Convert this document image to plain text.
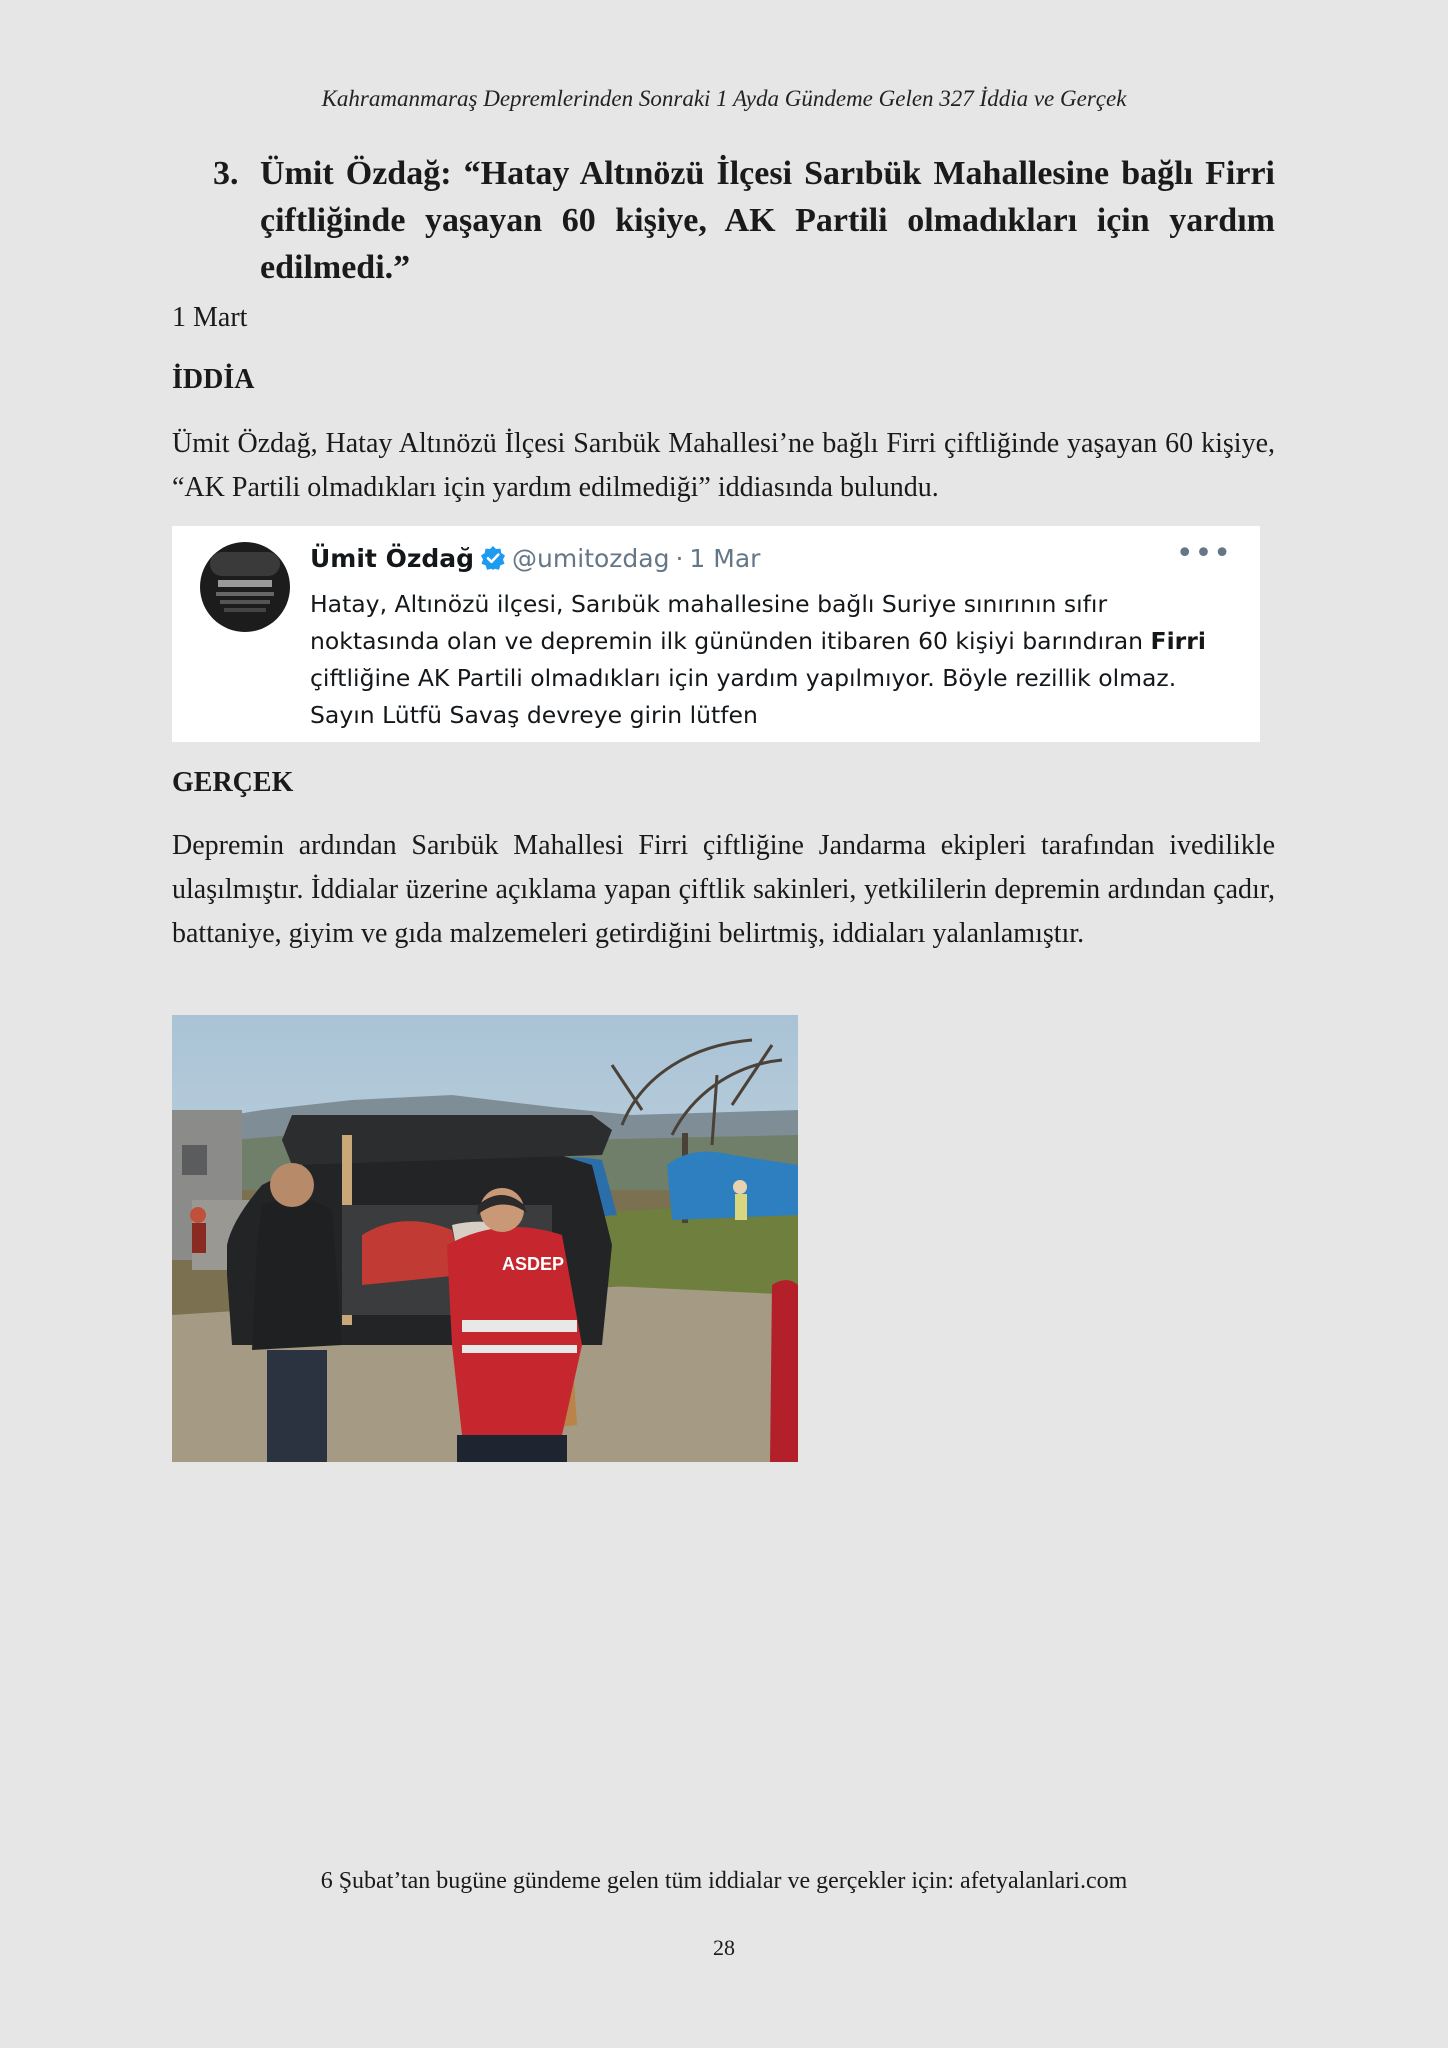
Kahramanmaraş Depremlerinden Sonraki 1 Ayda Gündeme Gelen 327 İddia ve Gerçek
3. Ümit Özdağ: “Hatay Altınözü İlçesi Sarıbük Mahallesine bağlı Firri çiftliğinde yaşayan 60 kişiye, AK Partili olmadıkları için yardım edilmedi.”
1 Mart
İDDİA
Ümit Özdağ, Hatay Altınözü İlçesi Sarıbük Mahallesi’ne bağlı Firri çiftliğinde yaşayan 60 kişiye, “AK Partili olmadıkları için yardım edilmediği” iddiasında bulundu.
Ümit Özdağ @umitozdag · 1 Mar	•••
Hatay, Altınözü ilçesi, Sarıbük mahallesine bağlı Suriye sınırının sıfır noktasında olan ve depremin ilk gününden itibaren 60 kişiyi barındıran Firri çiftliğine AK Partili olmadıkları için yardım yapılmıyor. Böyle rezillik olmaz. Sayın Lütfü Savaş devreye girin lütfen
GERÇEK
Depremin ardından Sarıbük Mahallesi Firri çiftliğine Jandarma ekipleri tarafından ivedilikle ulaşılmıştır. İddialar üzerine açıklama yapan çiftlik sakinleri, yetkililerin depremin ardından çadır, battaniye, giyim ve gıda malzemeleri getirdiğini belirtmiş, iddiaları yalanlamıştır.
ASDEP
6 Şubat’tan bugüne gündeme gelen tüm iddialar ve gerçekler için: afetyalanlari.com
28
